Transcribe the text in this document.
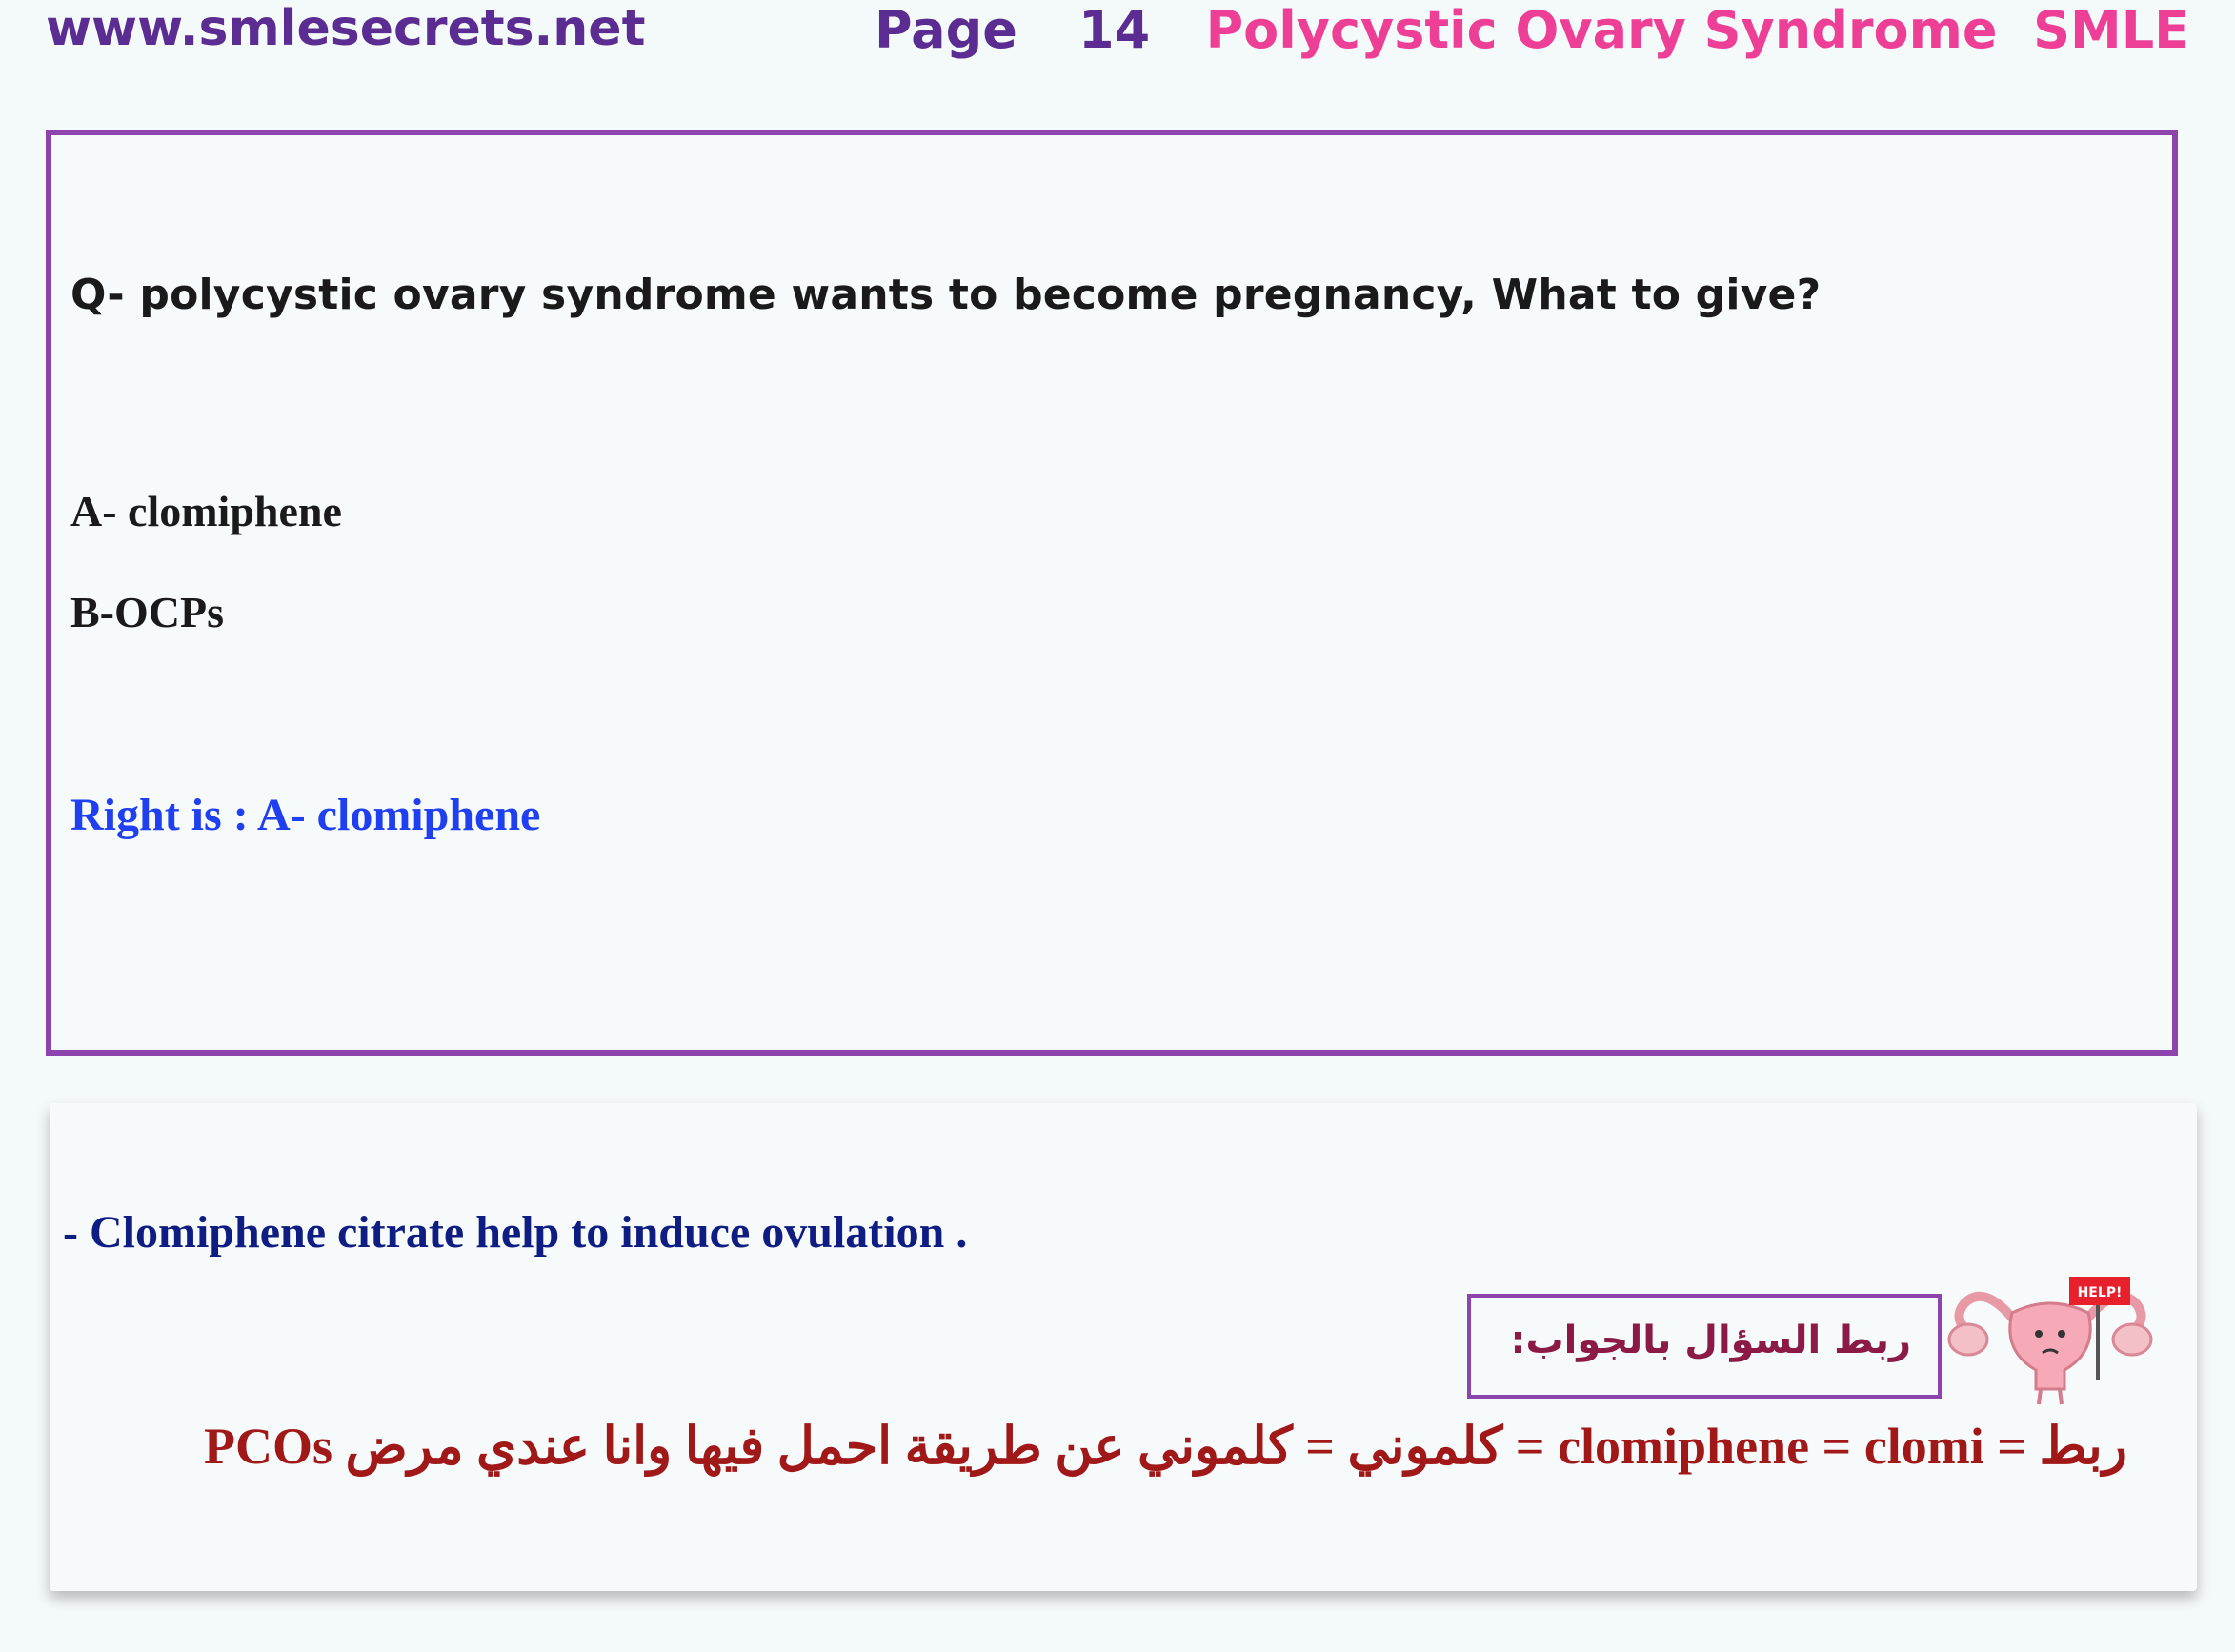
www.smlesecrets.net	Page 14 Polycystic Ovary Syndrome  SMLE
Q- polycystic ovary syndrome wants to become pregnancy, What to give?
A- clomiphene
B-OCPs
Right is : A- clomiphene
- Clomiphene citrate help to induce ovulation .
ربط السؤال بالجواب:
HELP!
ربط = clomiphene = clomi = كلموني = كلموني عن طريقة احمل فيها وانا عندي مرض PCOs
